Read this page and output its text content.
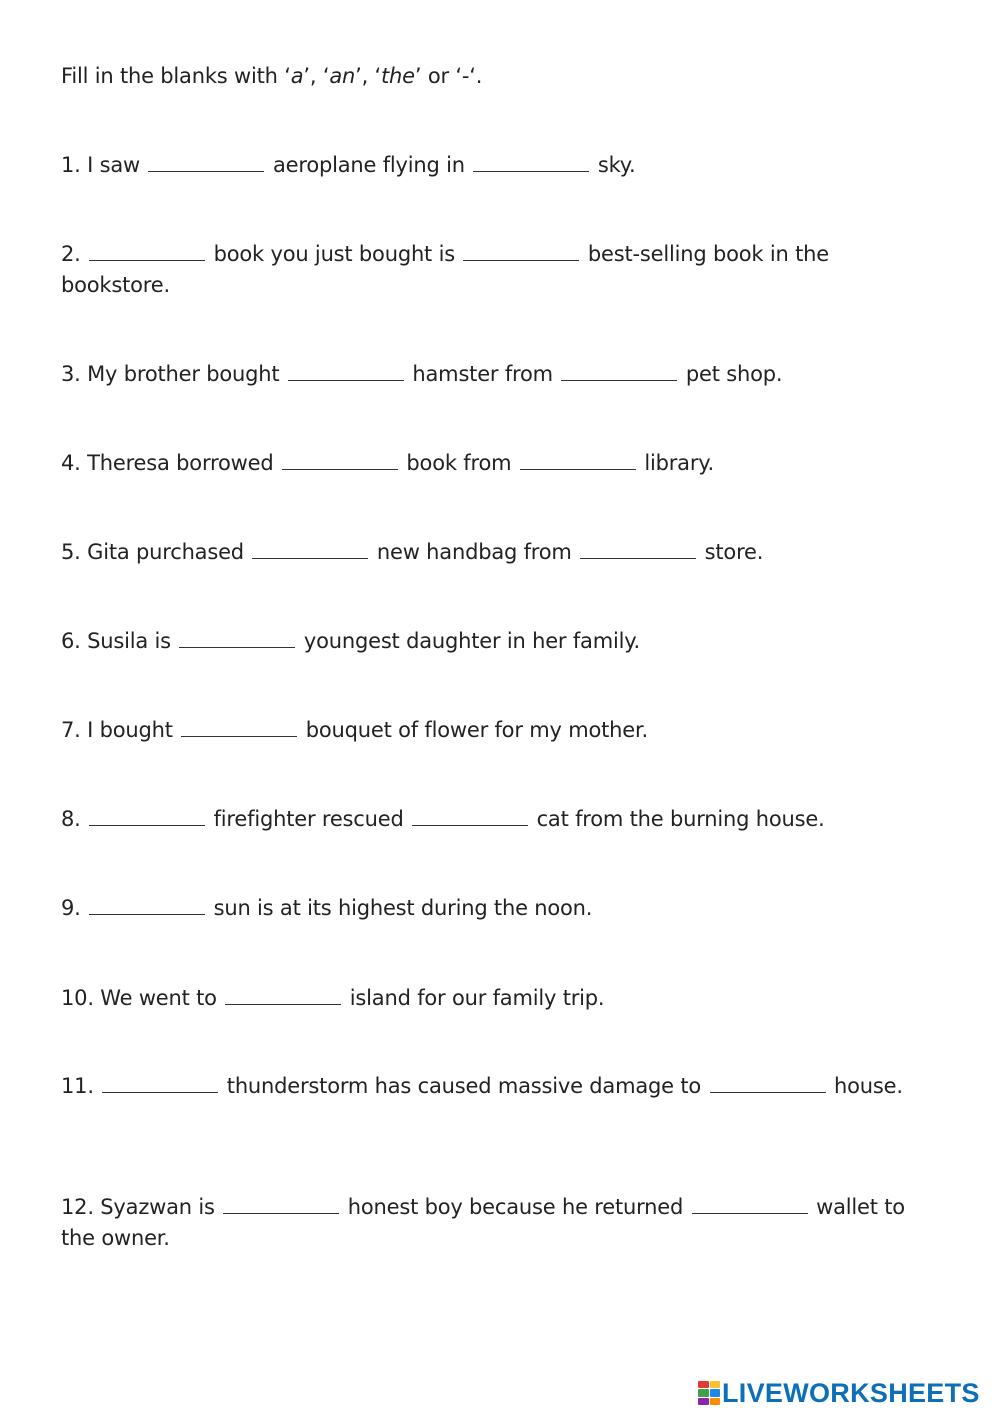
Fill in the blanks with ‘a’, ‘an’, ‘the’ or ‘-‘.
1. I saw	aeroplane flying in	sky.
2.	book you just bought is	best-selling book in the bookstore.
3. My brother bought	hamster from	pet shop.
4. Theresa borrowed	book from	library.
5. Gita purchased	new handbag from	store.
6. Susila is	youngest daughter in her family.
7. I bought	bouquet of flower for my mother.
8.	firefighter rescued	cat from the burning house.
9.	sun is at its highest during the noon.
10. We went to	island for our family trip.
11.	thunderstorm has caused massive damage to	house.
12. Syazwan is	honest boy because he returned	wallet to the owner.
LIVEWORKSHEETS
